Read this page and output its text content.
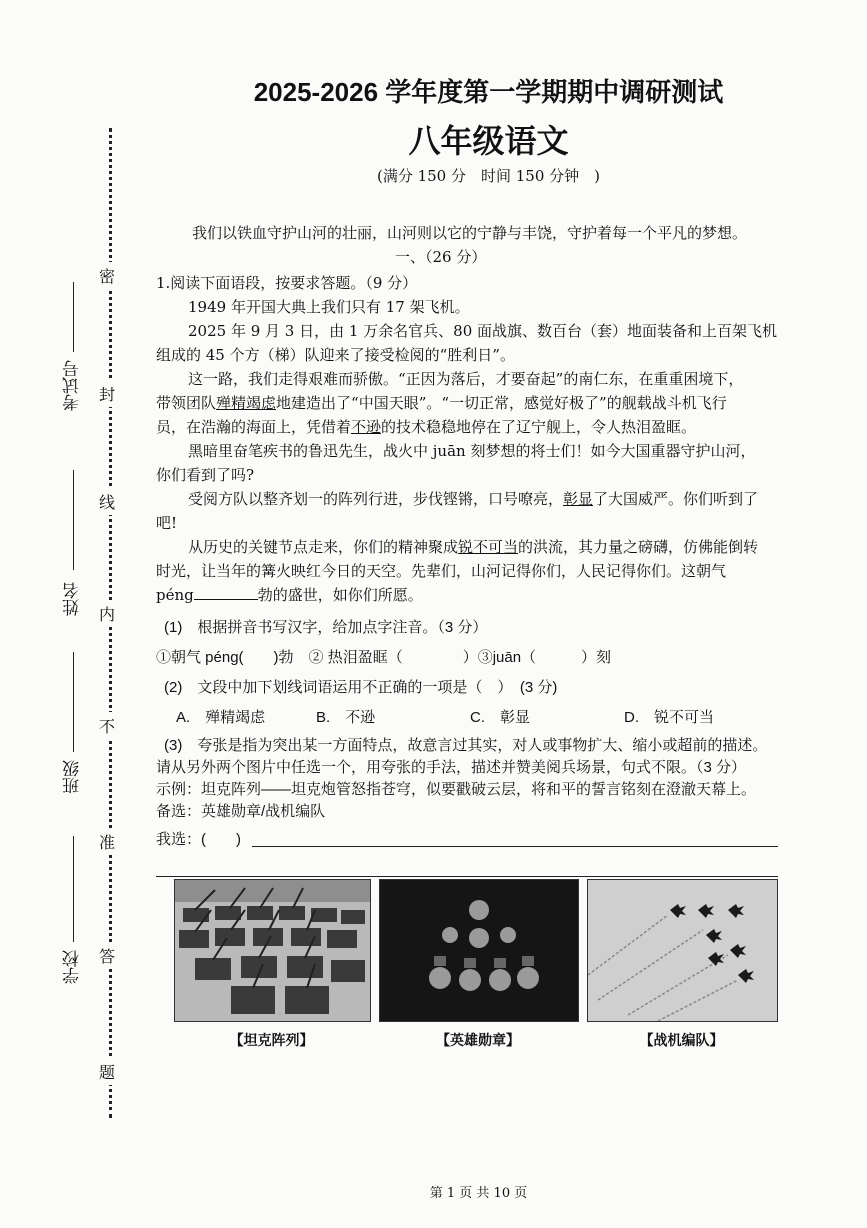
密
封
线
内
不
准
答
题
考试号
姓名
班级
学校
2025-2026 学年度第一学期期中调研测试
八年级语文
(满分 150 分　时间 150 分钟　)
我们以铁血守护山河的壮丽，山河则以它的宁静与丰饶，守护着每一个平凡的梦想。
一、（26 分）
1.阅读下面语段，按要求答题。（9 分）
1949 年开国大典上我们只有 17 架飞机。
2025 年 9 月 3 日，由 1 万余名官兵、80 面战旗、数百台（套）地面装备和上百架飞机
组成的 45 个方（梯）队迎来了接受检阅的“胜利日”。
这一路，我们走得艰难而骄傲。“正因为落后，才要奋起”的南仁东，在重重困境下，
带领团队殚精竭虑地建造出了“中国天眼”。“一切正常，感觉好极了”的舰载战斗机飞行
员，在浩瀚的海面上，凭借着不逊的技术稳稳地停在了辽宁舰上，令人热泪盈眶。
黑暗里奋笔疾书的鲁迅先生，战火中 juān 刻梦想的将士们！如今大国重器守护山河，
你们看到了吗?
受阅方队以整齐划一的阵列行进，步伐铿锵，口号嘹亮，彰显了大国威严。你们听到了
吧!
从历史的关键节点走来，你们的精神聚成锐不可当的洪流，其力量之磅礴，仿佛能倒转
时光，让当年的篝火映红今日的天空。先辈们，山河记得你们，人民记得你们。这朝气
péng	勃的盛世，如你们所愿。
(1)　根据拼音书写汉字，给加点字注音。（3 分）
①朝气 péng(　　)勃　② 热泪盈眶（　　　　）③juān（　　　）刻
(2)　文段中加下划线词语运用不正确的一项是（　）　(3 分)
A.　殚精竭虑	B.　不逊	C.　彰显	D.　锐不可当
(3)　夸张是指为突出某一方面特点，故意言过其实，对人或事物扩大、缩小或超前的描述。
请从另外两个图片中任选一个，用夸张的手法，描述并赞美阅兵场景，句式不限。（3 分）
示例：坦克阵列——坦克炮管怒指苍穹，似要戳破云层，将和平的誓言铭刻在澄澈天幕上。
备选：英雄勋章/战机编队
我选：(　　)
【坦克阵列】	【英雄勋章】	【战机编队】
第 1 页 共 10 页
